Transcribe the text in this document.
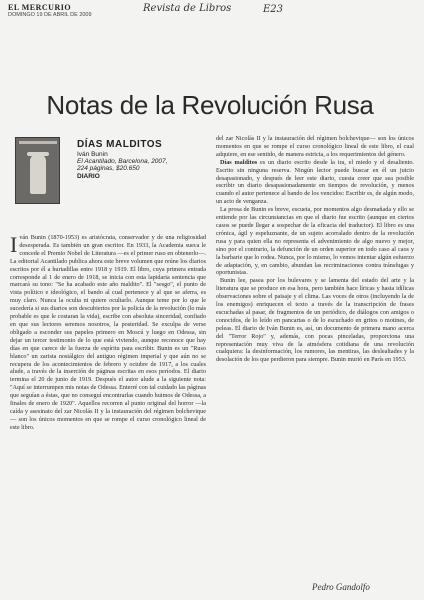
EL MERCURIO
DOMINGO 19 DE ABRIL DE 2009
Revista de Libros	E23
Notas de la Revolución Rusa
DÍAS MALDITOS
Iván Bunin
El Acantilado, Barcelona, 2007,
224 páginas, $20.650
DIARIO

Iván Bunin (1870-1953) es aristócrata, conservador y de una religiosidad desesperada. Es también un gran escritor. En 1933, la Academia sueca le concede el Premio Nobel de Literatura —es el primer ruso en obtenerlo—. La editorial Acantilado publica ahora este breve volumen que reúne los diarios escritos por él a hurtadillas entre 1918 y 1919. El libro, cuya primera entrada corresponde al 1 de enero de 1918, se inicia con esta lapidaria sentencia que marcará su tono: "Se ha acabado este año maldito". El "sesgo", el punto de vista político e ideológico, el bando al cual pertenece y al que se aferra, es muy claro. Nunca la oculta ni quiere ocultarlo. Aunque teme por lo que le sucedería si sus diarios son descubiertos por la policía de la revolución (lo más probable es que le costaran la vida), escribe con absoluta sinceridad, confiado en que sus lectores seremos nosotros, la posteridad. Se exculpa de verse obligado a esconder sus papeles primero en Moscú y luego en Odessa, sin dejar un tercer testimonio de lo que está viviendo, aunque reconoce que hay días en que carece de la fuerza de espíritu para escribir. Bunin es un "Ruso blanco" un zarista nostálgico del antiguo régimen imperial y que aún no se recupera de los acontecimientos de febrero y octubre de 1917, a los cuales alude, a través de la inserción de páginas escritas en esos períodos. El diario termina el 20 de junio de 1919. Después el autor alude a la siguiente nota: "Aquí se interrumpen mis notas de Odessa. Enterré con tal cuidado las páginas que seguían a éstas, que no conseguí encontrarlas cuando huimos de Odessa, a finales de enero de 1920". Aquellos recorren al punto original del horror —la caída y asesinato del zar Nicolás II y la instauración del régimen bolchevique— son los únicos momentos en que se rompe el curso cronológico lineal de este libro.

del zar Nicolás II y la instauración del régimen bolchevique— son los únicos momentos en que se rompe el curso cronológico lineal de este libro, el cual adquiere, en ese sentido, de manera estricta, a los requerimientos del género.

Días malditos es un diario escrito desde la ira, el miedo y el desaliento. Escrito sin ninguna reserva. Ningún lector puede buscar en él un juicio desapasionado, y después de leer este diario, cuesta creer que sea posible escribir un diario desapasionadamente en tiempos de revolución, y menos cuando el autor pertenece al bando de los vencidos: Escribir es, de algún modo, un acto de venganza.

La prosa de Bunin es breve, escueta, por momentos algo desmañada y ello se entiende por las circunstancias en que el diario fue escrito (aunque en ciertos casos se puede llegar a sospechar de la eficacia del traductor). El libro es una crónica, ágil y espeluznante, de un sujeto acorralado dentro de la revolución rusa y para quien ella no representa el advenimiento de algo nuevo y mejor, sino por el contrario, la defunción de un orden superior en todo caso al caos y la barbarie que lo rodea. Nunca, por lo mismo, lo vemos intentar algún esfuerzo de adaptación, y, en cambio, abundan las recriminaciones contra tránsfugas y oportunistas.

Bunin lee, pasea por los bulevares y se lamenta del estado del arte y la literatura que se produce en esa hora, pero también hace líricas y hasta idílicas observaciones sobre el paisaje y el clima. Las voces de otros (incluyendo la de los enemigos) enriquecen el texto a través de la transcripción de frases escuchadas al pasar, de fragmentos de un periódico, de diálogos con amigos o conocidos, de lo leído en pancartas o de lo escuchado en gritos o motines, de peleas. El diario de Iván Bunin es, así, un documento de primera mano acerca del "Terror Rojo" y, además, con pocas pinceladas, proporciona una representación muy viva de la atmósfera cotidiana de una revolución cualquiera: la desinformación, los rumores, las mentiras, las deslealtades y la desolación de los que perdieron para siempre. Bunin murió en París en 1953.

Pedro Gandolfo
